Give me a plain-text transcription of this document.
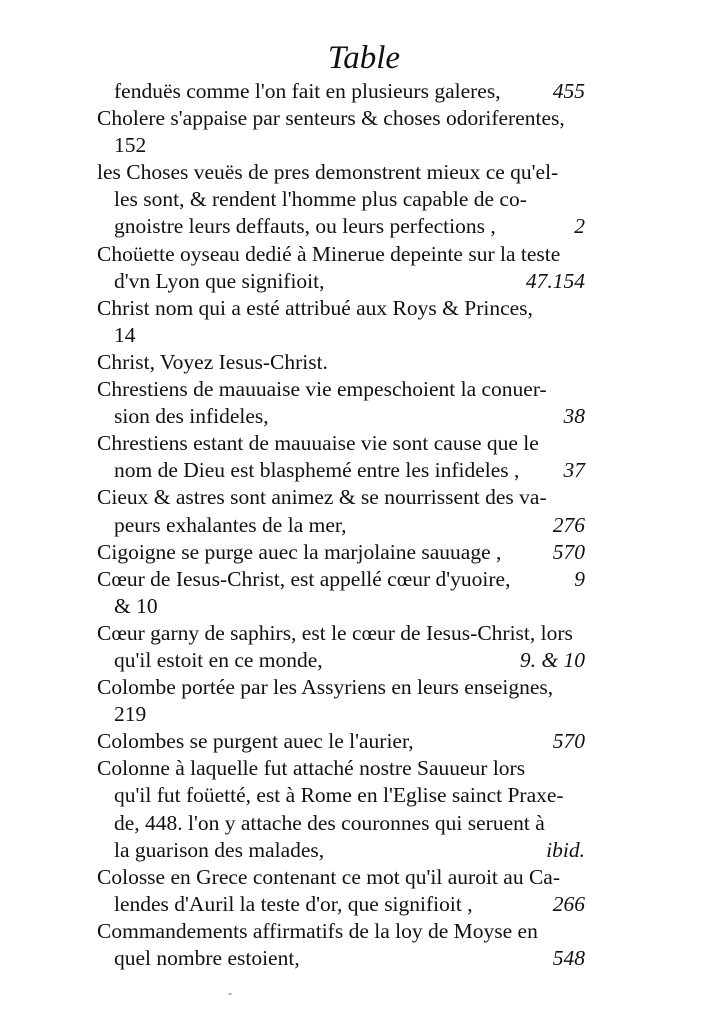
Table
fenduës comme l'on fait en plusieurs galeres, 455
Cholere s'appaise par senteurs & choses odoriferentes,
152
les Choses veuës de pres demonstrent mieux ce qu'el-
les sont, & rendent l'homme plus capable de co-
gnoistre leurs deffauts, ou leurs perfections ,	2
Choüette oyseau dedié à Minerue depeinte sur la teste
d'vn Lyon que signifioit,	47.154
Christ nom qui a esté attribué aux Roys & Princes,
14
Christ, Voyez Iesus-Christ.
Chrestiens de mauuaise vie empeschoient la conuer-
sion des infideles,	38
Chrestiens estant de mauuaise vie sont cause que le
nom de Dieu est blasphemé entre les infideles , 37
Cieux & astres sont animez & se nourrissent des va-
peurs exhalantes de la mer,	276
Cigoigne se purge auec la marjolaine sauuage , 570
Cœur de Iesus-Christ, est appellé cœur d'yuoire,	9
& 10
Cœur garny de saphirs, est le cœur de Iesus-Christ, lors
qu'il estoit en ce monde,	9. & 10
Colombe portée par les Assyriens en leurs enseignes,
219
Colombes se purgent auec le l'aurier,	570
Colonne à laquelle fut attaché nostre Sauueur lors
qu'il fut foüetté, est à Rome en l'Eglise sainct Praxe-
de, 448. l'on y attache des couronnes qui seruent à
la guarison des malades,	ibid.
Colosse en Grece contenant ce mot qu'il auroit au Ca-
lendes d'Auril la teste d'or, que signifioit ,	266
Commandements affirmatifs de la loy de Moyse en
quel nombre estoient,	548
-
